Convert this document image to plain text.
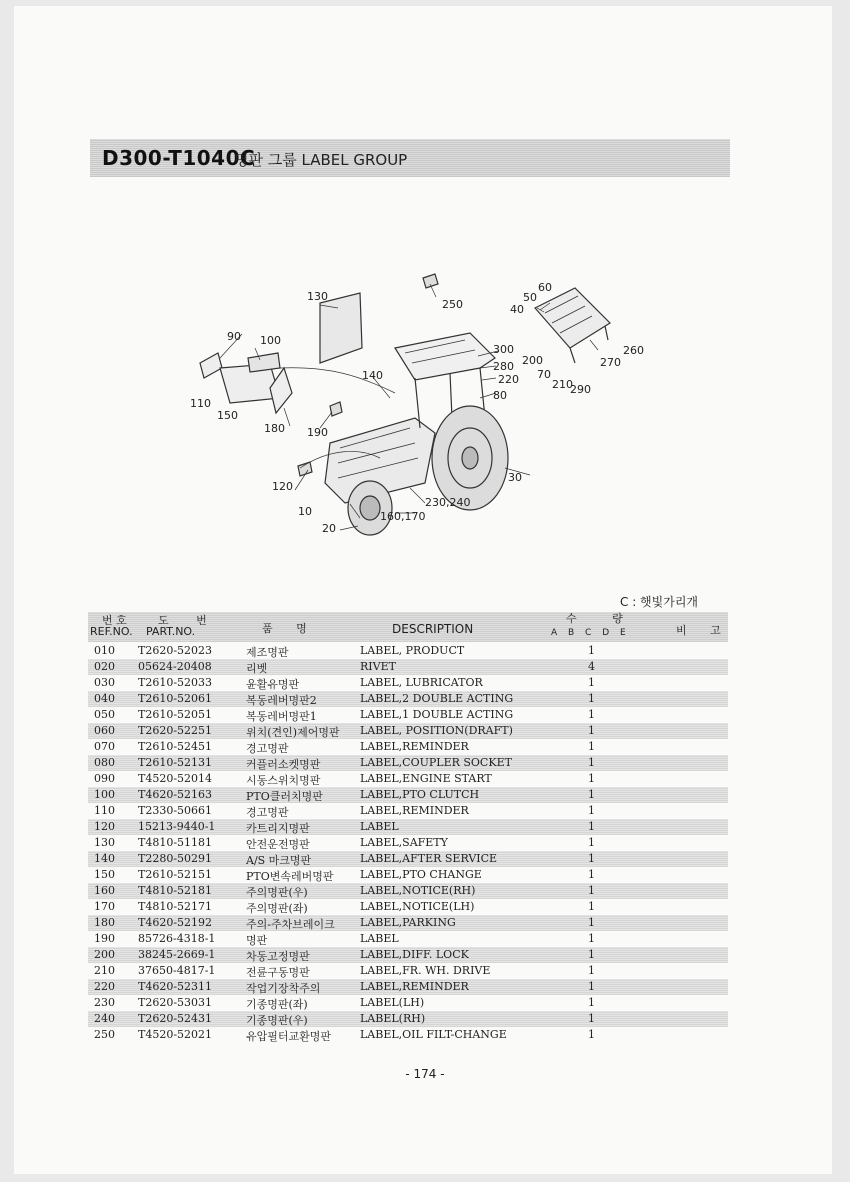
D300-T1040C
명판 그룹 LABEL GROUP
130
250
60
50
40
90 100
300
280
220
80
260
200	270
70
210
290
110
150
140
180 190
120
30
230,240
10	160,170
20
C : 햇빛가리개
번 호
REF.NO.
도 번
PART.NO.	품 명	DESCRIPTION
수 량
A B C D E	비 고
010 T2620-52023	제조명판	LABEL, PRODUCT	1
020 05624-20408	리벳	RIVET	4
030 T2610-52033	윤활유명판	LABEL, LUBRICATOR	1
040 T2610-52061	복동레버명판2	LABEL,2 DOUBLE ACTING	1
050 T2610-52051	복동레버명판1	LABEL,1 DOUBLE ACTING	1
060 T2620-52251	위치(견인)제어명판 LABEL, POSITION(DRAFT)	1
070 T2610-52451	경고명판	LABEL,REMINDER	1
080 T2610-52131	커플러소켓명판	LABEL,COUPLER SOCKET	1
090 T4520-52014	시동스위치명판	LABEL,ENGINE START	1
100 T4620-52163	PTO클러치명판	LABEL,PTO CLUTCH	1
110 T2330-50661	경고명판	LABEL,REMINDER	1
120 15213-9440-1	카트리지명판	LABEL	1
130 T4810-51181	안전운전명판	LABEL,SAFETY	1
140 T2280-50291	A/S 마크명판	LABEL,AFTER SERVICE	1
150 T2610-52151	PTO변속레버명판 LABEL,PTO CHANGE	1
160 T4810-52181	주의명판(우)	LABEL,NOTICE(RH)	1
170 T4810-52171	주의명판(좌)	LABEL,NOTICE(LH)	1
180 T4620-52192	주의-주차브레이크 LABEL,PARKING	1
190 85726-4318-1	명판	LABEL	1
200 38245-2669-1	차동고정명판	LABEL,DIFF. LOCK	1
210 37650-4817-1	전륜구동명판	LABEL,FR. WH. DRIVE	1
220 T4620-52311	작업기장착주의	LABEL,REMINDER	1
230 T2620-53031	기종명판(좌)	LABEL(LH)	1
240 T2620-52431	기종명판(우)	LABEL(RH)	1
250 T4520-52021	유압필터교환명판	LABEL,OIL FILT-CHANGE	1
- 174 -
